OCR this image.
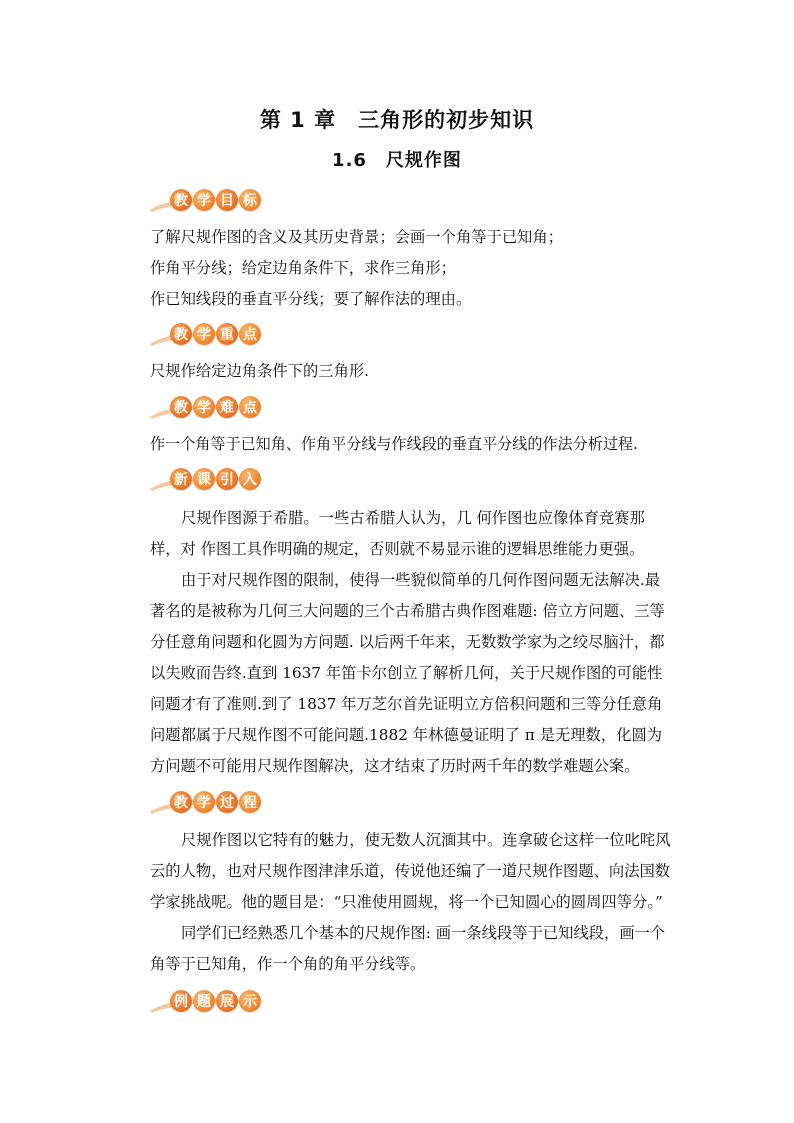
第 1 章　三角形的初步知识
1.6　尺规作图
教 学 目 标

了解尺规作图的含义及其历史背景；会画一个角等于已知角；

作角平分线；给定边角条件下，求作三角形；

作已知线段的垂直平分线；要了解作法的理由。

教 学 重 点

尺规作给定边角条件下的三角形.

教 学 难 点

作一个角等于已知角、作角平分线与作线段的垂直平分线的作法分析过程.

新 课 引 入

尺规作图源于希腊。一些古希腊人认为，几 何作图也应像体育竞赛那样，对 作图工具作明确的规定，否则就不易显示谁的逻辑思维能力更强。

由于对尺规作图的限制，使得一些貌似简单的几何作图问题无法解决.最著名的是被称为几何三大问题的三个古希腊古典作图难题: 倍立方问题、三等分任意角问题和化圆为方问题. 以后两千年来，无数数学家为之绞尽脑汁，都以失败而告终.直到 1637 年笛卡尔创立了解析几何，关于尺规作图的可能性问题才有了准则.到了 1837 年万芝尔首先证明立方倍积问题和三等分任意角问题都属于尺规作图不可能问题.1882 年林德曼证明了 π 是无理数，化圆为方问题不可能用尺规作图解决，这才结束了历时两千年的数学难题公案。

教 学 过 程

尺规作图以它特有的魅力，使无数人沉湎其中。连拿破仑这样一位叱咤风云的人物，也对尺规作图津津乐道，传说他还编了一道尺规作图题、向法国数学家挑战呢。他的题目是：“只准使用圆规，将一个已知圆心的圆周四等分。”

同学们已经熟悉几个基本的尺规作图: 画一条线段等于已知线段，画一个角等于已知角，作一个角的角平分线等。

例 题 展 示
